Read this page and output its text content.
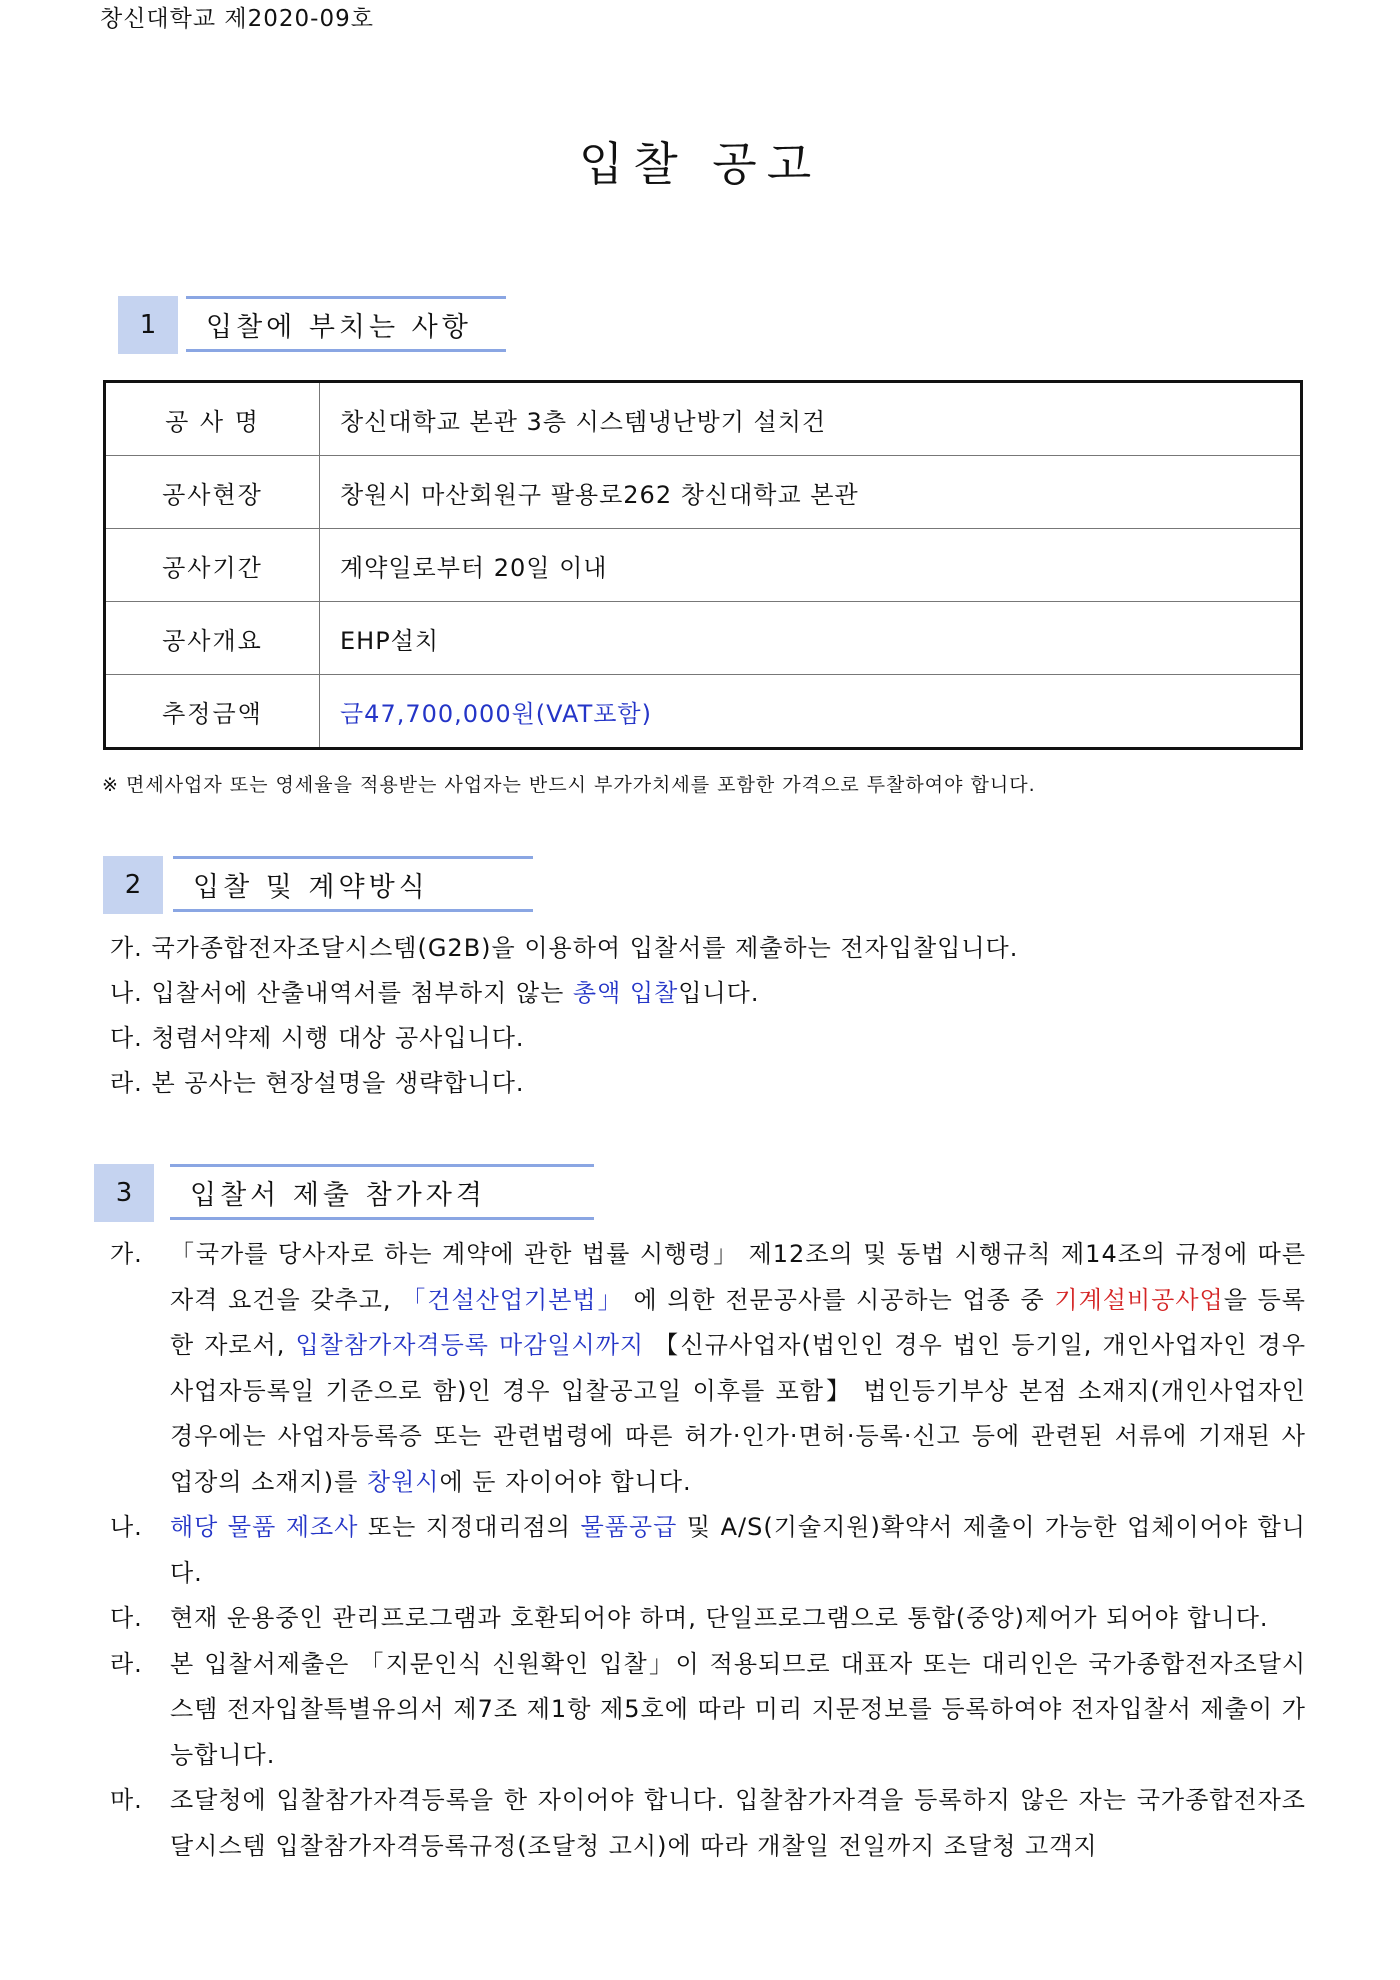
창신대학교 제2020-09호
입찰 공고
1	입찰에 부치는 사항
공 사 명	창신대학교 본관 3층 시스템냉난방기 설치건
공사현장	창원시 마산회원구 팔용로262 창신대학교 본관
공사기간	계약일로부터 20일 이내
공사개요	EHP설치
추정금액	금47,700,000원(VAT포함)
※ 면세사업자 또는 영세율을 적용받는 사업자는 반드시 부가가치세를 포함한 가격으로 투찰하여야 합니다.
2	입찰 및 계약방식
가. 국가종합전자조달시스템(G2B)을 이용하여 입찰서를 제출하는 전자입찰입니다.
나. 입찰서에 산출내역서를 첨부하지 않는 총액 입찰입니다.
다. 청렴서약제 시행 대상 공사입니다.
라. 본 공사는 현장설명을 생략합니다.
3	입찰서 제출 참가자격
가.	「국가를 당사자로 하는 계약에 관한 법률 시행령」 제12조의 및 동법 시행규칙 제14조의 규정에 따른 자격 요건을 갖추고, 「건설산업기본법」 에 의한 전문공사를 시공하는 업종 중 기계설비공사업을 등록한 자로서, 입찰참가자격등록 마감일시까지 【신규사업자(법인인 경우 법인 등기일, 개인사업자인 경우 사업자등록일 기준으로 함)인 경우 입찰공고일 이후를 포함】 법인등기부상 본점 소재지(개인사업자인 경우에는 사업자등록증 또는 관련법령에 따른 허가·인가·면허·등록·신고 등에 관련된 서류에 기재된 사업장의 소재지)를 창원시에 둔 자이어야 합니다.
나.	해당 물품 제조사 또는 지정대리점의 물품공급 및 A/S(기술지원)확약서 제출이 가능한 업체이어야 합니다.
다.	현재 운용중인 관리프로그램과 호환되어야 하며, 단일프로그램으로 통합(중앙)제어가 되어야 합니다.
라.	본 입찰서제출은 「지문인식 신원확인 입찰」이 적용되므로 대표자 또는 대리인은 국가종합전자조달시스템 전자입찰특별유의서 제7조 제1항 제5호에 따라 미리 지문정보를 등록하여야 전자입찰서 제출이 가능합니다.
마.	조달청에 입찰참가자격등록을 한 자이어야 합니다. 입찰참가자격을 등록하지 않은 자는 국가종합전자조달시스템 입찰참가자격등록규정(조달청 고시)에 따라 개찰일 전일까지 조달청 고객지
